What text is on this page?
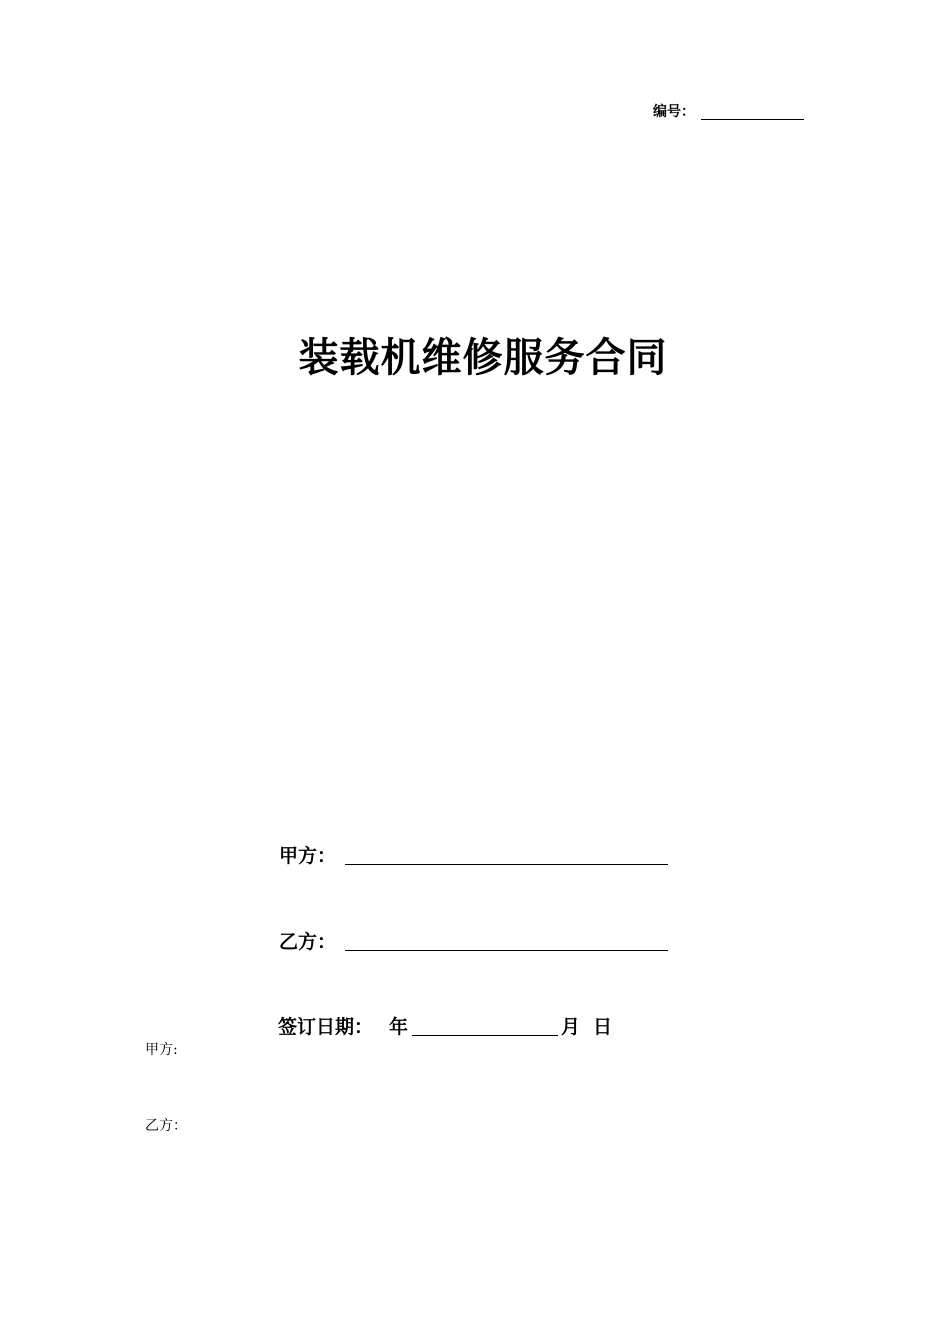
编号：
装载机维修服务合同
甲方：
乙方：
签订日期： 年	月 日
甲方:
乙方：
